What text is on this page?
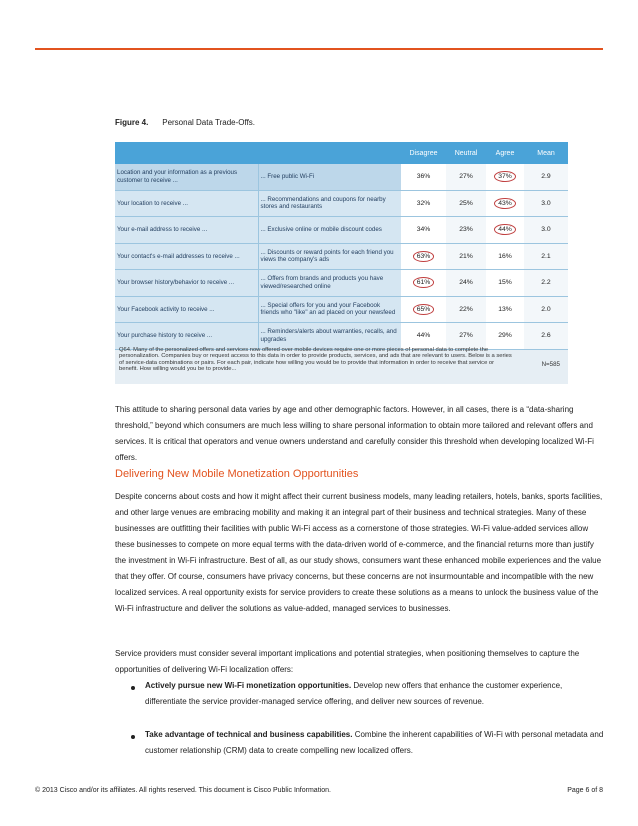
Figure 4. Personal Data Trade-Offs.
		Disagree	Neutral	Agree	Mean
Location and your information as a previous customer to receive ...	... Free public Wi-Fi	36%	27%	37%	2.9
Your location to receive ...	... Recommendations and coupons for nearby stores and restaurants	32%	25%	43%	3.0
Your e-mail address to receive ...	... Exclusive online or mobile discount codes	34%	23%	44%	3.0
Your contact's e-mail addresses to receive ...	... Discounts or reward points for each friend you views the company's ads	63%	21%	16%	2.1
Your browser history/behavior to receive ...	... Offers from brands and products you have viewed/researched online	61%	24%	15%	2.2
Your Facebook activity to receive ...	... Special offers for you and your Facebook friends who "like" an ad placed on your newsfeed	65%	22%	13%	2.0
Your purchase history to receive ...	... Reminders/alerts about warranties, recalls, and upgrades	44%	27%	29%	2.6
Q64. Many of the personalized offers and services now offered over mobile devices require one or more pieces of personal data to complete the personalization. Companies buy or request access to this data in order to provide products, services, and ads that are relevant to users. Below is a series of service-data combinations or pairs. For each pair, indicate how willing you would be to provide that information in order to receive that service or benefit. How willing would you be to provide...
N=585
This attitude to sharing personal data varies by age and other demographic factors. However, in all cases, there is a “data-sharing threshold,” beyond which consumers are much less willing to share personal information to obtain more tailored and relevant offers and services. It is critical that operators and venue owners understand and carefully consider this threshold when developing localized Wi-Fi offers.
Delivering New Mobile Monetization Opportunities
Despite concerns about costs and how it might affect their current business models, many leading retailers, hotels, banks, sports facilities, and other large venues are embracing mobility and making it an integral part of their business and technical strategies. Many of these businesses are outfitting their facilities with public Wi-Fi access as a cornerstone of those strategies. Wi-Fi value-added services allow these businesses to compete on more equal terms with the data-driven world of e-commerce, and the financial returns more than justify the investment in Wi-Fi infrastructure. Best of all, as our study shows, consumers want these enhanced mobile experiences and the value that they offer. Of course, consumers have privacy concerns, but these concerns are not insurmountable and incompatible with the new localized services. A real opportunity exists for service providers to create these solutions as a means to unlock the business value of the Wi-Fi infrastructure and deliver the solutions as value-added, managed services to businesses.
Service providers must consider several important implications and potential strategies, when positioning themselves to capture the opportunities of delivering Wi-Fi localization offers:
Actively pursue new Wi-Fi monetization opportunities. Develop new offers that enhance the customer experience, differentiate the service provider-managed service offering, and deliver new sources of revenue.
Take advantage of technical and business capabilities. Combine the inherent capabilities of Wi-Fi with personal metadata and customer relationship (CRM) data to create compelling new localized offers.
© 2013 Cisco and/or its affiliates. All rights reserved. This document is Cisco Public Information.	Page 6 of 8
